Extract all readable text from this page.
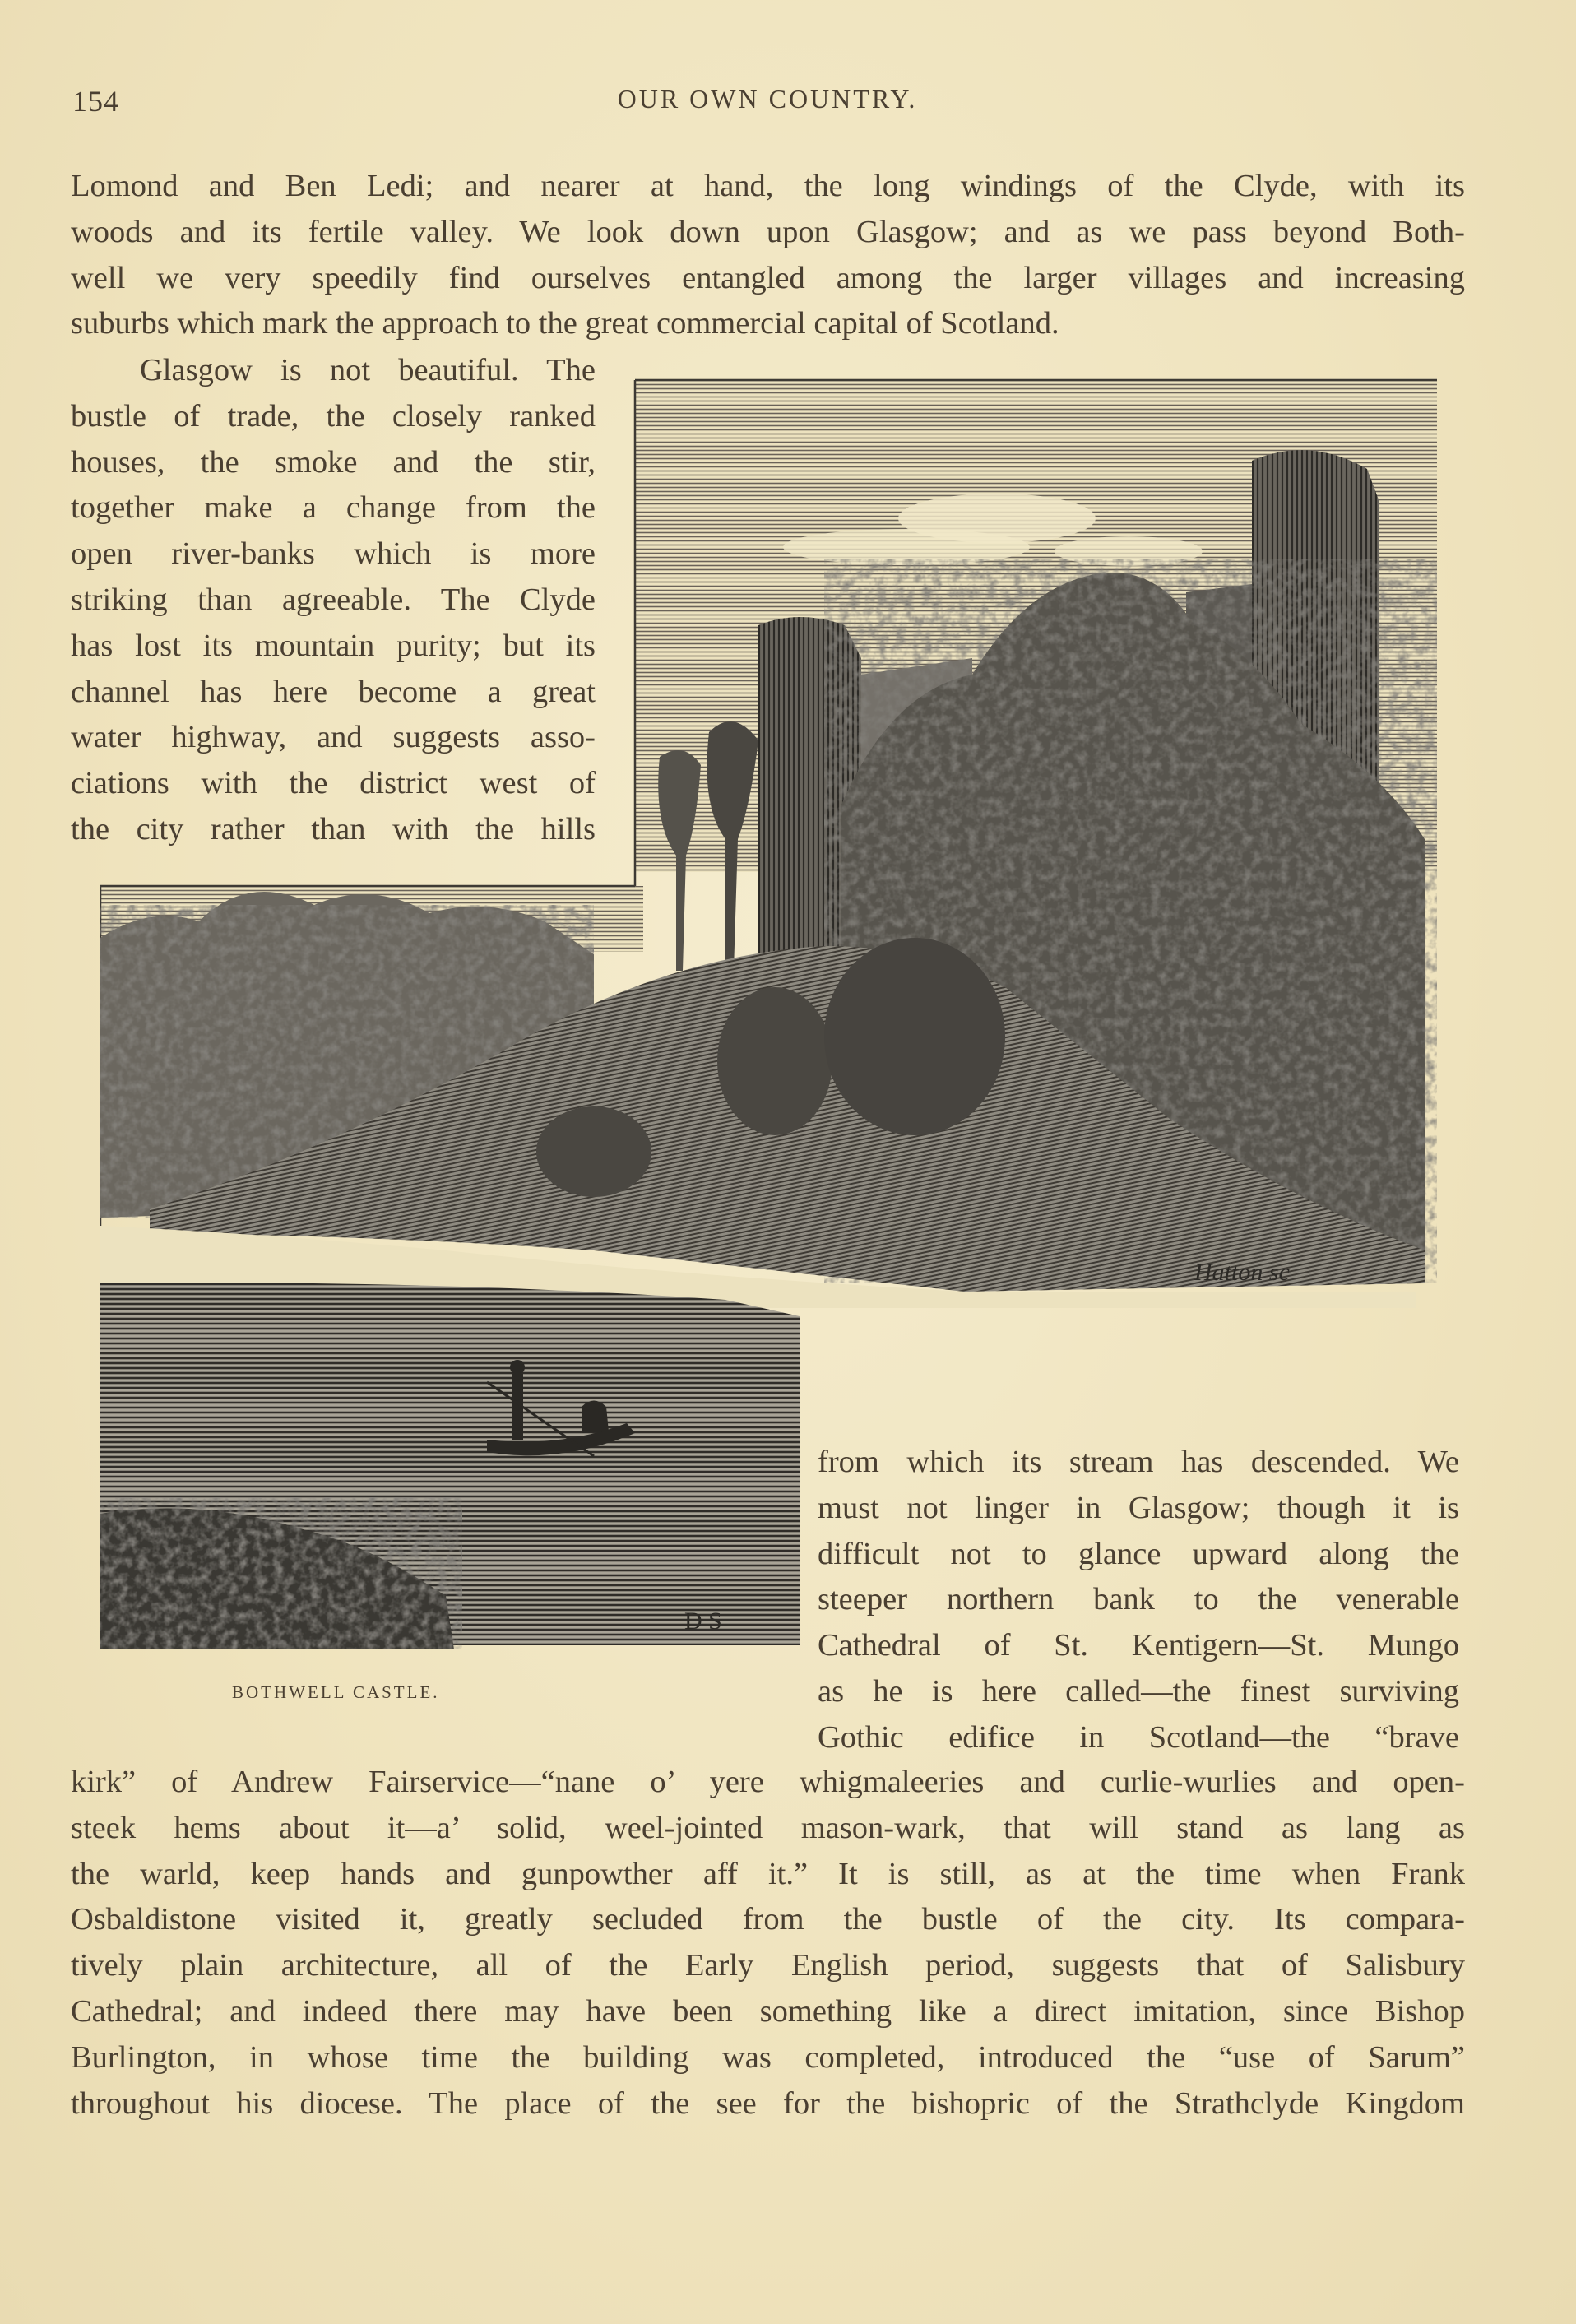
154	OUR OWN COUNTRY.

Lomond and Ben Ledi; and nearer at hand, the long windings of the Clyde, with its
woods and its fertile valley. We look down upon Glasgow; and as we pass beyond Both-
well we very speedily find ourselves entangled among the larger villages and increasing
suburbs which mark the approach to the great commercial capital of Scotland.

Glasgow is not beautiful. The
bustle of trade, the closely ranked
houses, the smoke and the stir,
together make a change from the
open river-banks which is more
striking than agreeable. The Clyde
has lost its mountain purity; but its
channel has here become a great
water highway, and suggests asso-
ciations with the district west of
the city rather than with the hills

D S
Hatton sc
BOTHWELL CASTLE.

from which its stream has descended. We
must not linger in Glasgow; though it is
difficult not to glance upward along the
steeper northern bank to the venerable
Cathedral of St. Kentigern—St. Mungo
as he is here called—the finest surviving
Gothic edifice in Scotland—the “brave

kirk” of Andrew Fairservice—“nane o’ yere whigmaleeries and curlie-wurlies and open-
steek hems about it—a’ solid, weel-jointed mason-wark, that will stand as lang as
the warld, keep hands and gunpowther aff it.” It is still, as at the time when Frank
Osbaldistone visited it, greatly secluded from the bustle of the city. Its compara-
tively plain architecture, all of the Early English period, suggests that of Salisbury
Cathedral; and indeed there may have been something like a direct imitation, since Bishop
Burlington, in whose time the building was completed, introduced the “use of Sarum”
throughout his diocese. The place of the see for the bishopric of the Strathclyde Kingdom
